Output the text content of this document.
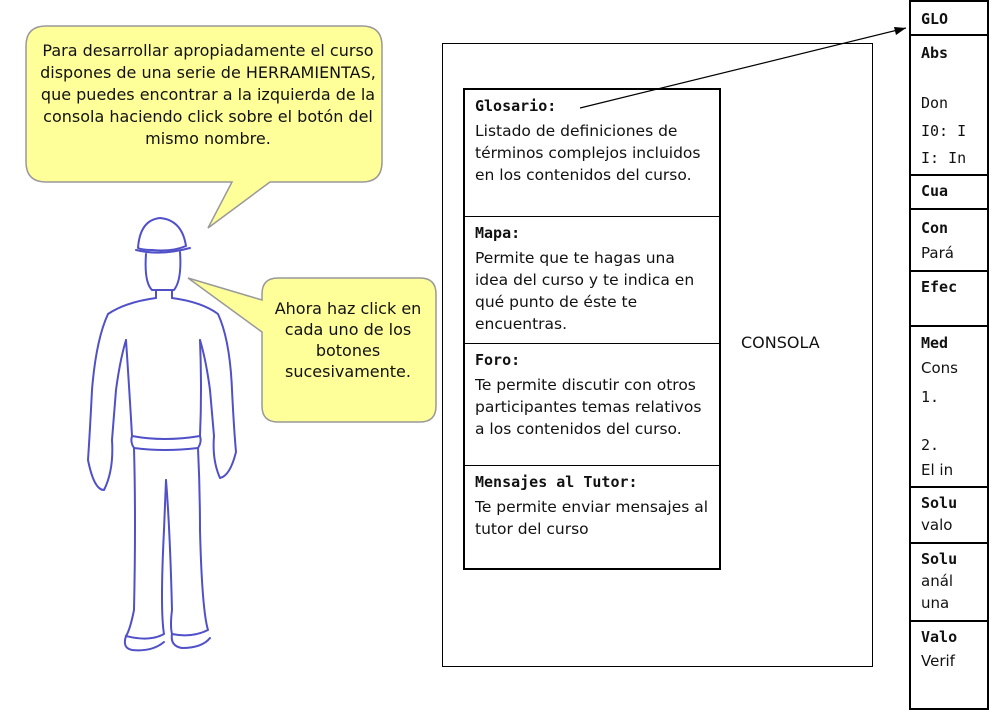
Para desarrollar apropiadamente el curso dispones de una serie de HERRAMIENTAS, que puedes encontrar a la izquierda de la consola haciendo click sobre el botón del mismo nombre.
Ahora haz click en cada uno de los botones sucesivamente.
CONSOLA
Glosario:
Listado de definiciones de términos complejos incluidos en los contenidos del curso.
Mapa:
Permite que te hagas una idea del curso y te indica en qué punto de éste te encuentras.
Foro:
Te permite discutir con otros participantes temas relativos a los contenidos del curso.
Mensajes al Tutor:
Te permite enviar mensajes al tutor del curso
GLO
Abs
Don
I0: I
I: In
Cua
Con
Pará
Efec
Med
Cons
1.
2.
El in
Solu
valo
Solu
anál
una
Valo
Verif
